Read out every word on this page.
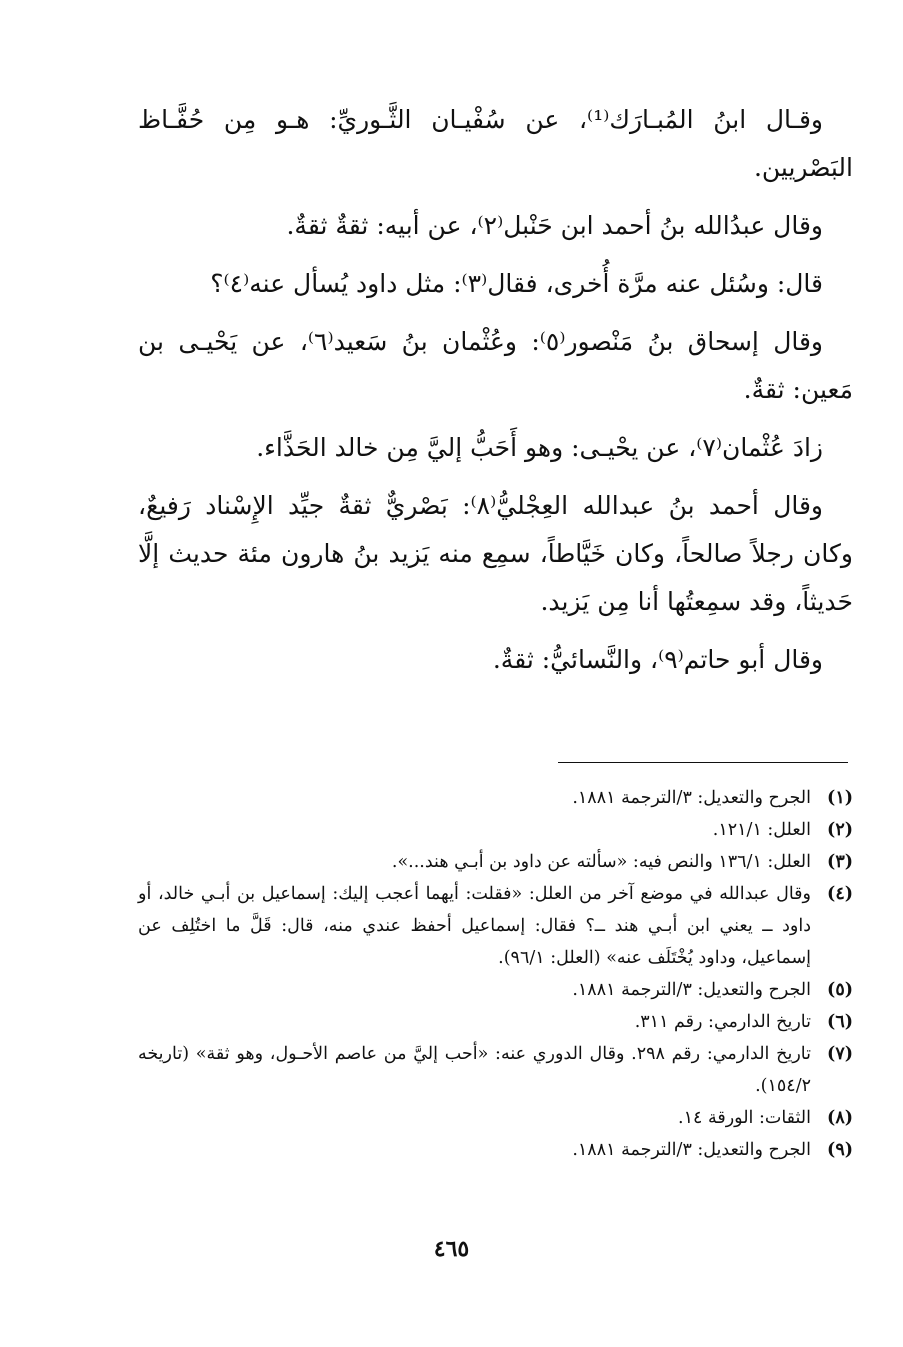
وقـال ابنُ المُبـارَك⁽¹⁾، عن سُفْيـان الثَّـوريِّ: هـو مِن حُفَّـاظ البَصْريين.

وقال عبدُالله بنُ أحمد ابن حَنْبل⁽٢⁾، عن أبيه: ثقةٌ ثقةٌ.

قال: وسُئل عنه مرَّة أُخرى، فقال⁽٣⁾: مثل داود يُسأل عنه⁽٤⁾؟

وقال إسحاق بنُ مَنْصور⁽٥⁾: وعُثْمان بنُ سَعيد⁽٦⁾، عن يَحْيـى بن مَعين: ثقةٌ.

زادَ عُثْمان⁽٧⁾، عن يحْيـى: وهو أَحَبُّ إليَّ مِن خالد الحَذَّاء.

وقال أحمد بنُ عبدالله العِجْليُّ⁽٨⁾: بَصْريٌّ ثقةٌ جيِّد الإِسْناد رَفيعٌ، وكان رجلاً صالحاً، وكان خَيَّاطاً، سمِع منه يَزيد بنُ هارون مئة حديث إلَّا حَديثاً، وقد سمِعتُها أنا مِن يَزيد.

وقال أبو حاتم⁽٩⁾، والنَّسائيُّ: ثقةٌ.

(١)
الجرح والتعديل: ٣/الترجمة ١٨٨١.
(٢)
العلل: ١٢١/١.
(٣)
العلل: ١٣٦/١ والنص فيه: «سألته عن داود بن أبـي هند...».
(٤)
وقال عبدالله في موضع آخر من العلل: «فقلت: أيهما أعجب إليك: إسماعيل بن أبـي خالد، أو داود ــ يعني ابن أبـي هند ــ؟ فقال: إسماعيل أحفظ عندي منه، قال: قَلَّ ما اختُلِف عن إسماعيل، وداود يُخْتَلَف عنه» (العلل: ٩٦/١).
(٥)
الجرح والتعديل: ٣/الترجمة ١٨٨١.
(٦)
تاريخ الدارمي: رقم ٣١١.
(٧)
تاريخ الدارمي: رقم ٢٩٨. وقال الدوري عنه: «أحب إليَّ من عاصم الأحـول، وهو ثقة» (تاريخه ١٥٤/٢).
(٨)
الثقات: الورقة ١٤.
(٩)
الجرح والتعديل: ٣/الترجمة ١٨٨١.
٤٦٥
